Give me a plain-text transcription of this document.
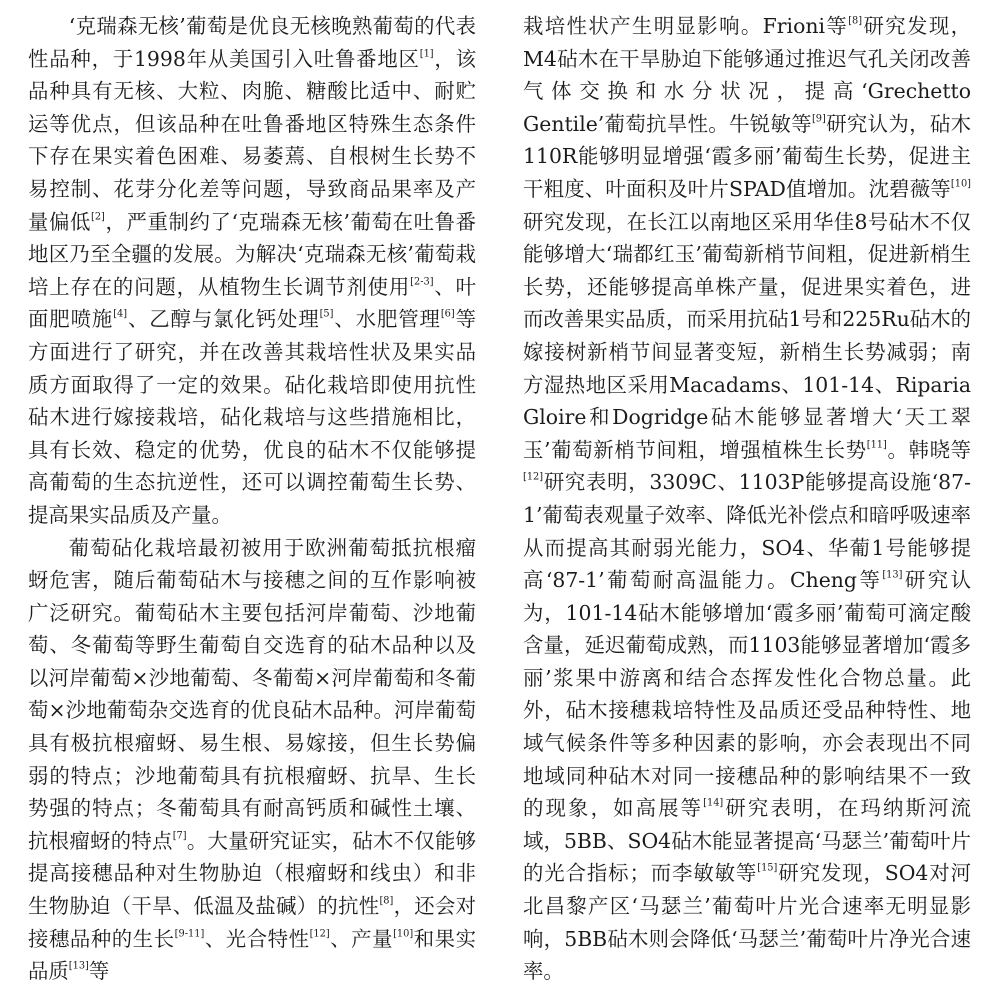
‘克瑞森无核’葡萄是优良无核晚熟葡萄的代表性品种，于1998年从美国引入吐鲁番地区[1]，该品种具有无核、大粒、肉脆、糖酸比适中、耐贮运等优点，但该品种在吐鲁番地区特殊生态条件下存在果实着色困难、易萎蔫、自根树生长势不易控制、花芽分化差等问题，导致商品果率及产量偏低[2]，严重制约了‘克瑞森无核’葡萄在吐鲁番地区乃至全疆的发展。为解决‘克瑞森无核’葡萄栽培上存在的问题，从植物生长调节剂使用[2-3]、叶面肥喷施[4]、乙醇与氯化钙处理[5]、水肥管理[6]等方面进行了研究，并在改善其栽培性状及果实品质方面取得了一定的效果。砧化栽培即使用抗性砧木进行嫁接栽培，砧化栽培与这些措施相比，具有长效、稳定的优势，优良的砧木不仅能够提高葡萄的生态抗逆性，还可以调控葡萄生长势、提高果实品质及产量。

葡萄砧化栽培最初被用于欧洲葡萄抵抗根瘤蚜危害，随后葡萄砧木与接穗之间的互作影响被广泛研究。葡萄砧木主要包括河岸葡萄、沙地葡萄、冬葡萄等野生葡萄自交选育的砧木品种以及以河岸葡萄×沙地葡萄、冬葡萄×河岸葡萄和冬葡萄×沙地葡萄杂交选育的优良砧木品种。河岸葡萄具有极抗根瘤蚜、易生根、易嫁接，但生长势偏弱的特点；沙地葡萄具有抗根瘤蚜、抗旱、生长势强的特点；冬葡萄具有耐高钙质和碱性土壤、抗根瘤蚜的特点[7]。大量研究证实，砧木不仅能够提高接穗品种对生物胁迫（根瘤蚜和线虫）和非生物胁迫（干旱、低温及盐碱）的抗性[8]，还会对接穗品种的生长[9-11]、光合特性[12]、产量[10]和果实品质[13]等

栽培性状产生明显影响。Frioni等[8]研究发现，M4砧木在干旱胁迫下能够通过推迟气孔关闭改善气体交换和水分状况，提高‘Grechetto Gentile’葡萄抗旱性。牛锐敏等[9]研究认为，砧木110R能够明显增强‘霞多丽’葡萄生长势，促进主干粗度、叶面积及叶片SPAD值增加。沈碧薇等[10]研究发现，在长江以南地区采用华佳8号砧木不仅能够增大‘瑞都红玉’葡萄新梢节间粗，促进新梢生长势，还能够提高单株产量，促进果实着色，进而改善果实品质，而采用抗砧1号和225Ru砧木的嫁接树新梢节间显著变短，新梢生长势减弱；南方湿热地区采用Macadams、101-14、Riparia Gloire和Dogridge砧木能够显著增大‘天工翠玉’葡萄新梢节间粗，增强植株生长势[11]。韩晓等[12]研究表明，3309C、1103P能够提高设施‘87-1’葡萄表观量子效率、降低光补偿点和暗呼吸速率从而提高其耐弱光能力，SO4、华葡1号能够提高‘87-1’葡萄耐高温能力。Cheng等[13]研究认为，101-14砧木能够增加‘霞多丽’葡萄可滴定酸含量，延迟葡萄成熟，而1103能够显著增加‘霞多丽’浆果中游离和结合态挥发性化合物总量。此外，砧木接穗栽培特性及品质还受品种特性、地域气候条件等多种因素的影响，亦会表现出不同地域同种砧木对同一接穗品种的影响结果不一致的现象，如高展等[14]研究表明，在玛纳斯河流域，5BB、SO4砧木能显著提高‘马瑟兰’葡萄叶片的光合指标；而李敏敏等[15]研究发现，SO4对河北昌黎产区‘马瑟兰’葡萄叶片光合速率无明显影响，5BB砧木则会降低‘马瑟兰’葡萄叶片净光合速率。
